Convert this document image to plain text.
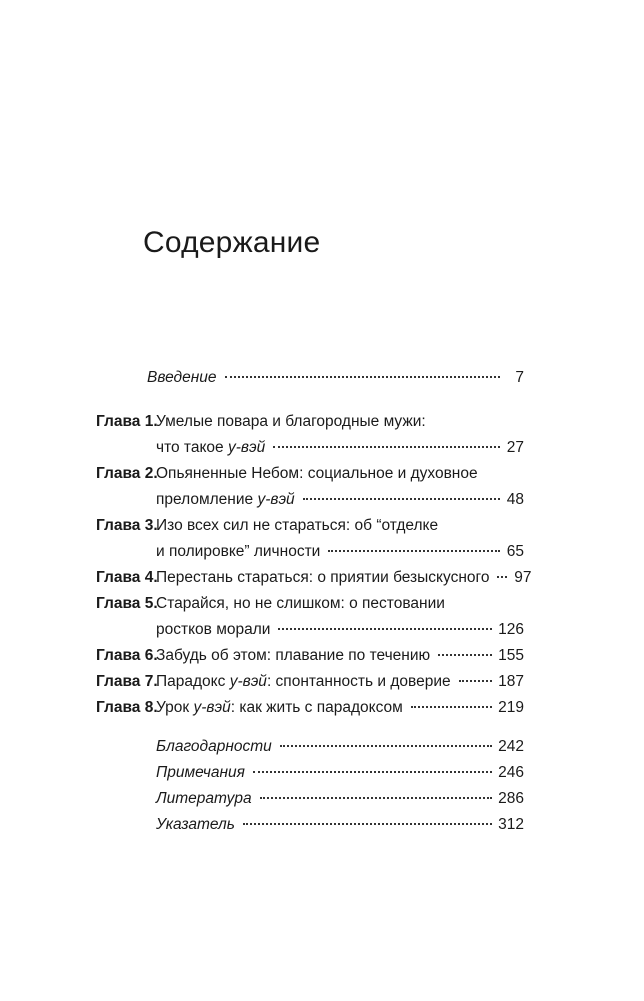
Содержание
Введение	7
Глава 1.
Умелые повара и благородные мужи:
что такое у-вэй	27
Глава 2.
Опьяненные Небом: социальное и духовное
преломление у-вэй	48
Глава 3.
Изо всех сил не стараться: об “отделке
и полировке” личности	65
Глава 4.
Перестань стараться: о приятии безыскусного 97
Глава 5.
Старайся, но не слишком: о пестовании
ростков морали	126
Глава 6.
Забудь об этом: плавание по течению	155
Глава 7.
Парадокс у-вэй: спонтанность и доверие	187
Глава 8.
Урок у-вэй: как жить с парадоксом	219
Благодарности	242
Примечания	246
Литература	286
Указатель	312
